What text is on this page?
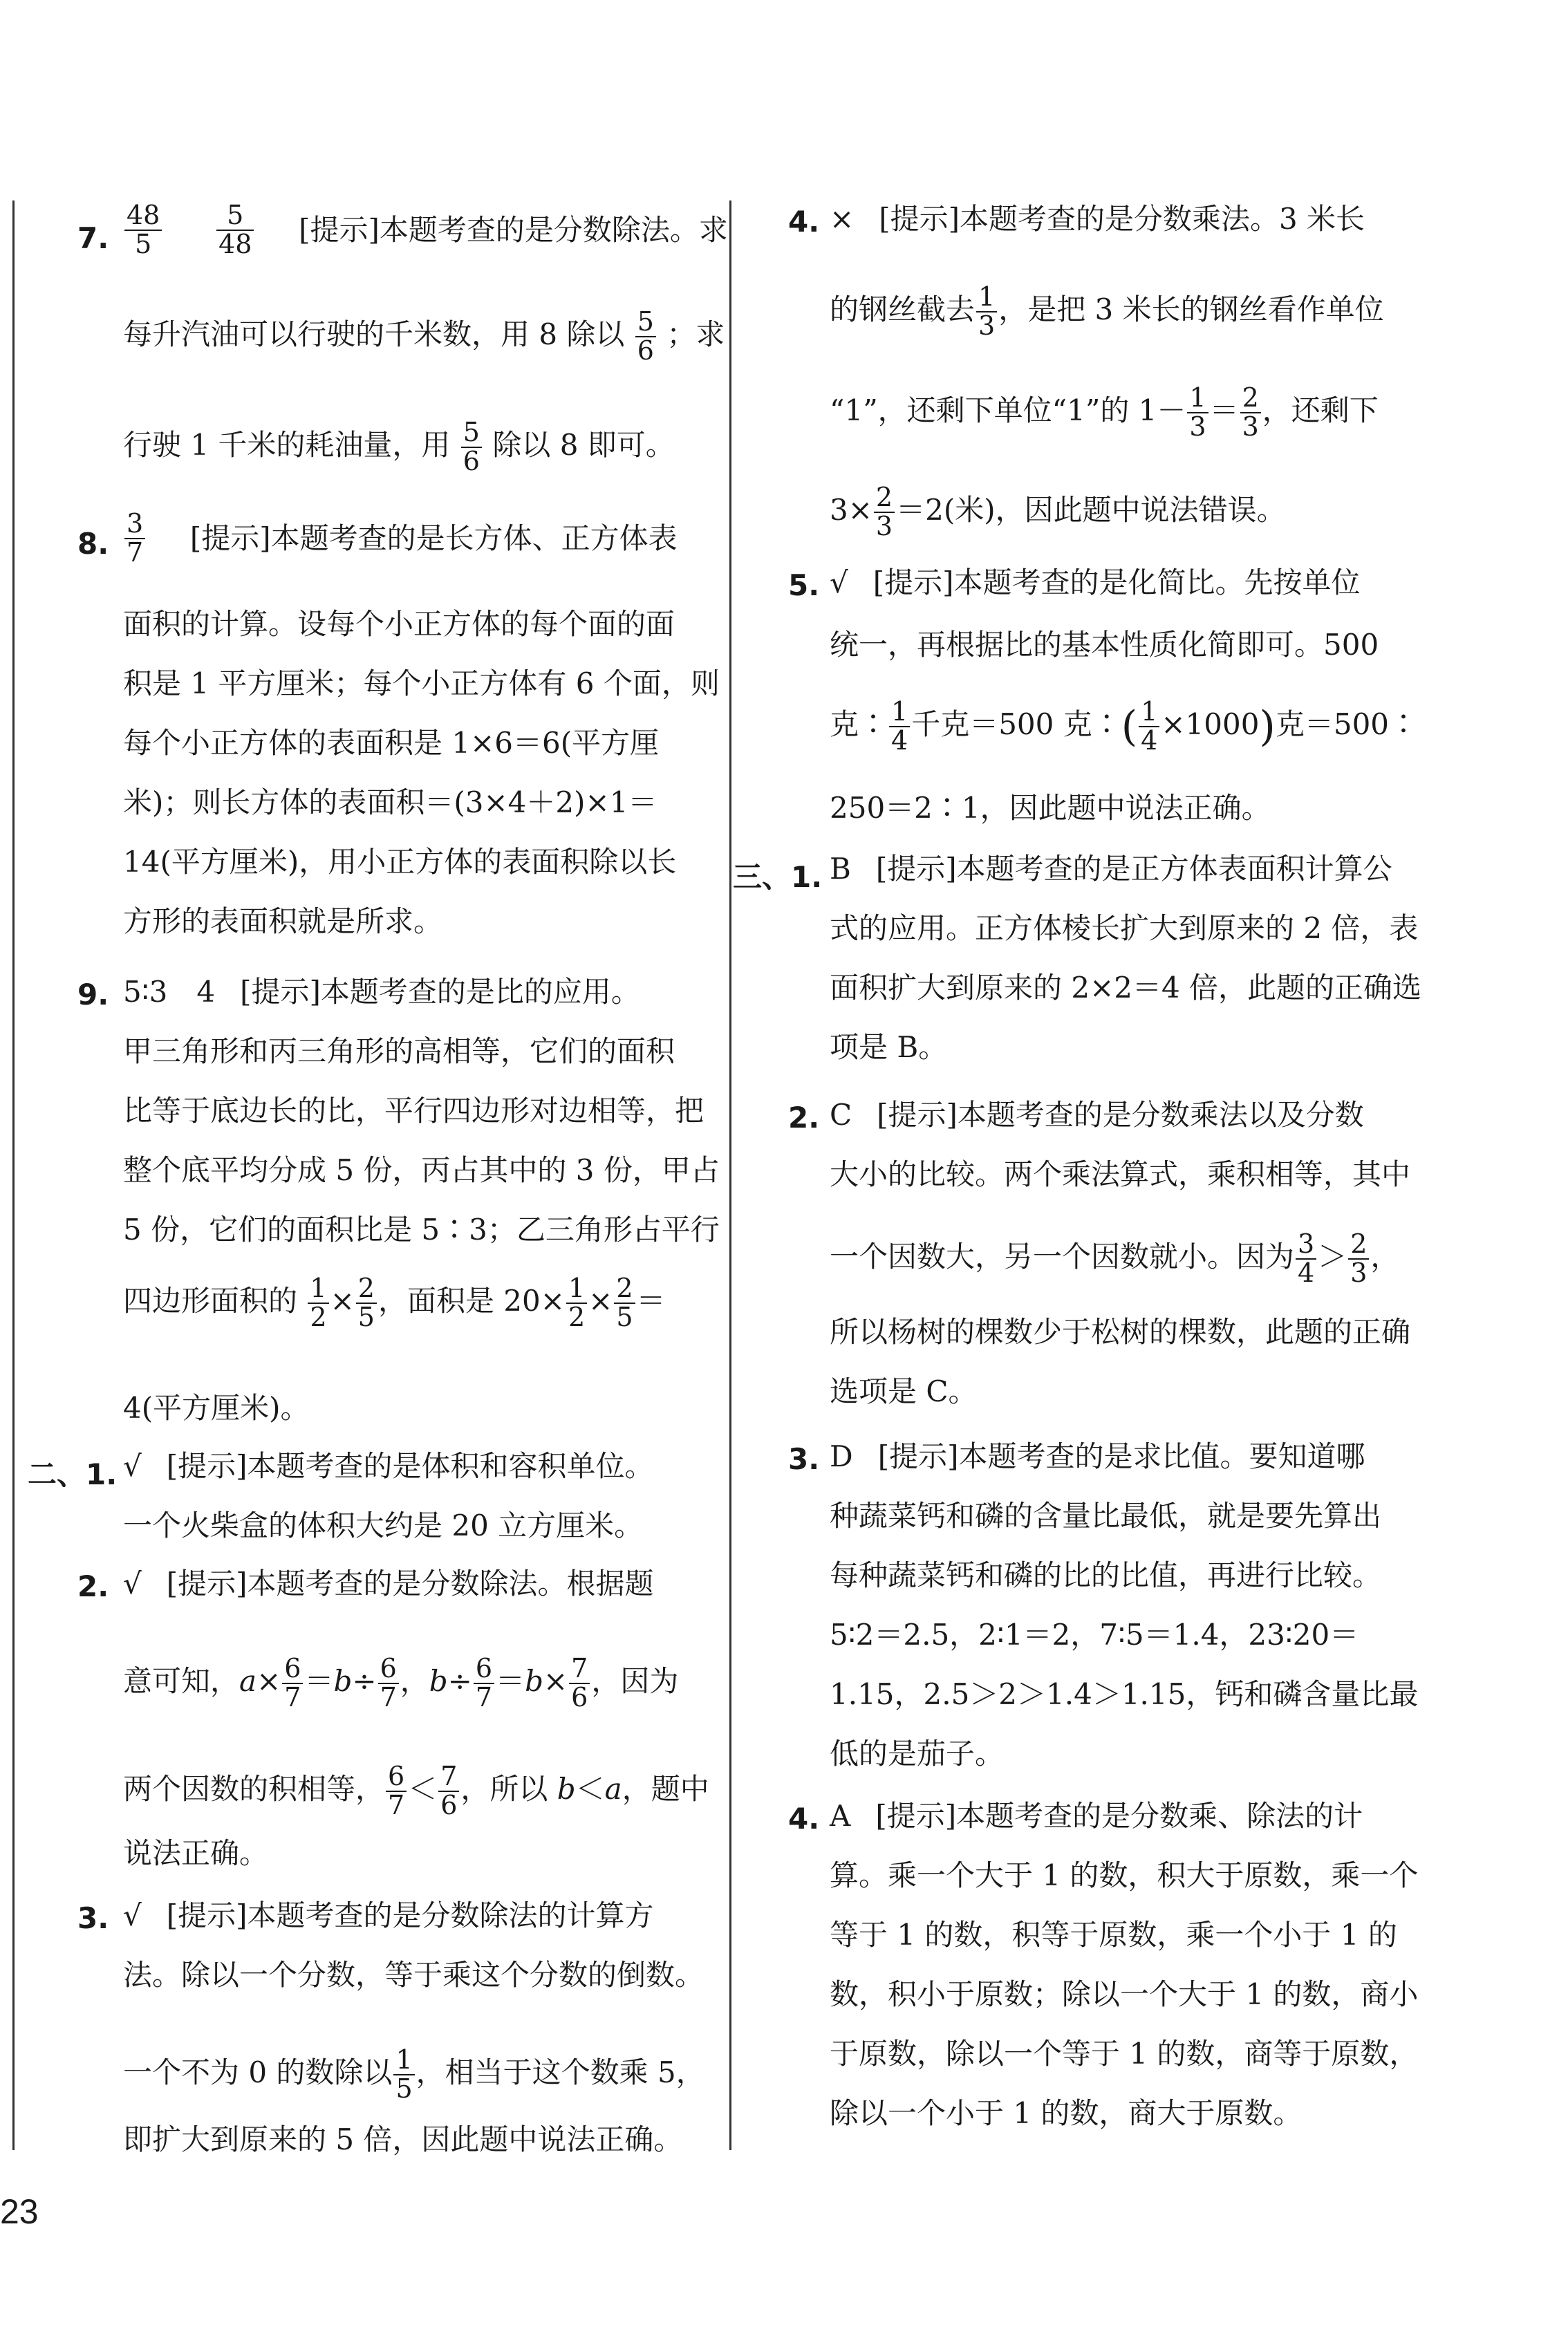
7. $\frac{48}{5}$
$\frac{5}{48}$ [提示]本题考查的是分数除法。求
每升汽油可以行驶的千米数，用 8 除以 $\frac{5}{6}$ ；求
行驶 1 千米的耗油量，用 $\frac{5}{6}$ 除以 8 即可。
8. $\frac{3}{7}$ [提示]本题考查的是长方体、正方体表
面积的计算。设每个小正方体的每个面的面
积是 1 平方厘米；每个小正方体有 6 个面，则
每个小正方体的表面积是 1×6＝6(平方厘
米)；则长方体的表面积＝(3×4＋2)×1＝
14(平方厘米)，用小正方体的表面积除以长
方形的表面积就是所求。
9. 5∶3　4 [提示]本题考查的是比的应用。
甲三角形和丙三角形的高相等，它们的面积
比等于底边长的比，平行四边形对边相等，把
整个底平均分成 5 份，丙占其中的 3 份，甲占
5 份，它们的面积比是 5∶3；乙三角形占平行
四边形面积的 $\frac{1}{2} \times \frac{2}{5}$ ，面积是 $20\times \frac{1}{2} \times \frac{2}{5}$ ＝
4(平方厘米)。
二、1. √ [提示]本题考查的是体积和容积单位。
一个火柴盒的体积大约是 20 立方厘米。
2. √ [提示]本题考查的是分数除法。根据题
意可知，$a\times \frac{6}{7} =b\div \frac{6}{7}$ ，$b\div \frac{6}{7} =b\times \frac{7}{6}$ ，因为
两个因数的积相等， $\frac{6}{7} < \frac{7}{6}$ ，所以 b＜a，题中
说法正确。
3. √ [提示]本题考查的是分数除法的计算方
法。除以一个分数，等于乘这个分数的倒数。
一个不为 0 的数除以 $\frac{1}{5}$ ，相当于这个数乘 5，
即扩大到原来的 5 倍，因此题中说法正确。
4. × [提示]本题考查的是分数乘法。3 米长
的钢丝截去 $\frac{1}{3}$ ，是把 3 米长的钢丝看作单位
“1”，还剩下单位“1”的 $1- \frac{1}{3} = \frac{2}{3}$ ，还剩下
$3\times \frac{2}{3} =2$(米)，因此题中说法错误。
5. √ [提示]本题考查的是化简比。先按单位
统一，再根据比的基本性质化简即可。500
克∶ $\frac{1}{4}$ 千克＝500 克∶( $\frac{1}{4} \times 1000$)克＝500∶
250＝2∶1，因此题中说法正确。
三、1. B [提示]本题考查的是正方体表面积计算公
式的应用。正方体棱长扩大到原来的 2 倍，表
面积扩大到原来的 2×2＝4 倍，此题的正确选
项是 B。
2. C [提示]本题考查的是分数乘法以及分数
大小的比较。两个乘法算式，乘积相等，其中
一个因数大，另一个因数就小。因为 $\frac{3}{4} > \frac{2}{3}$ ，
所以杨树的棵数少于松树的棵数，此题的正确
选项是 C。
3. D [提示]本题考查的是求比值。要知道哪
种蔬菜钙和磷的含量比最低，就是要先算出
每种蔬菜钙和磷的比的比值，再进行比较。
5∶2＝2.5，2∶1＝2，7∶5＝1.4，23∶20＝
1.15，2.5＞2＞1.4＞1.15，钙和磷含量比最
低的是茄子。
4. A [提示]本题考查的是分数乘、除法的计
算。乘一个大于 1 的数，积大于原数，乘一个
等于 1 的数，积等于原数，乘一个小于 1 的
数，积小于原数；除以一个大于 1 的数，商小
于原数，除以一个等于 1 的数，商等于原数，
除以一个小于 1 的数，商大于原数。
23
